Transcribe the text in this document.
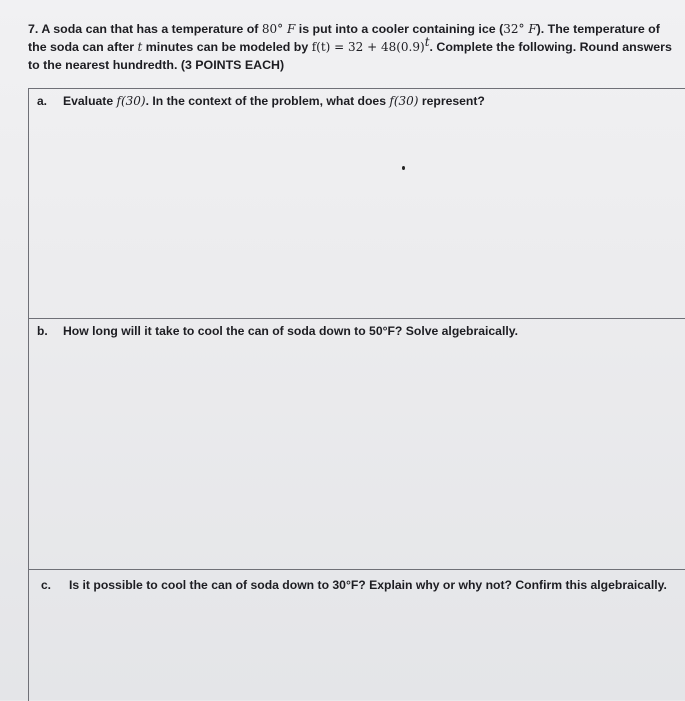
7. A soda can that has a temperature of 80° F is put into a cooler containing ice (32° F). The temperature of the soda can after t minutes can be modeled by $f(t) = 32 + 48(0.9)^t$. Complete the following. Round answers to the nearest hundredth. (3 POINTS EACH)
a. Evaluate f(30). In the context of the problem, what does f(30) represent?
b. How long will it take to cool the can of soda down to 50°F? Solve algebraically.
c. Is it possible to cool the can of soda down to 30°F? Explain why or why not? Confirm this algebraically.
